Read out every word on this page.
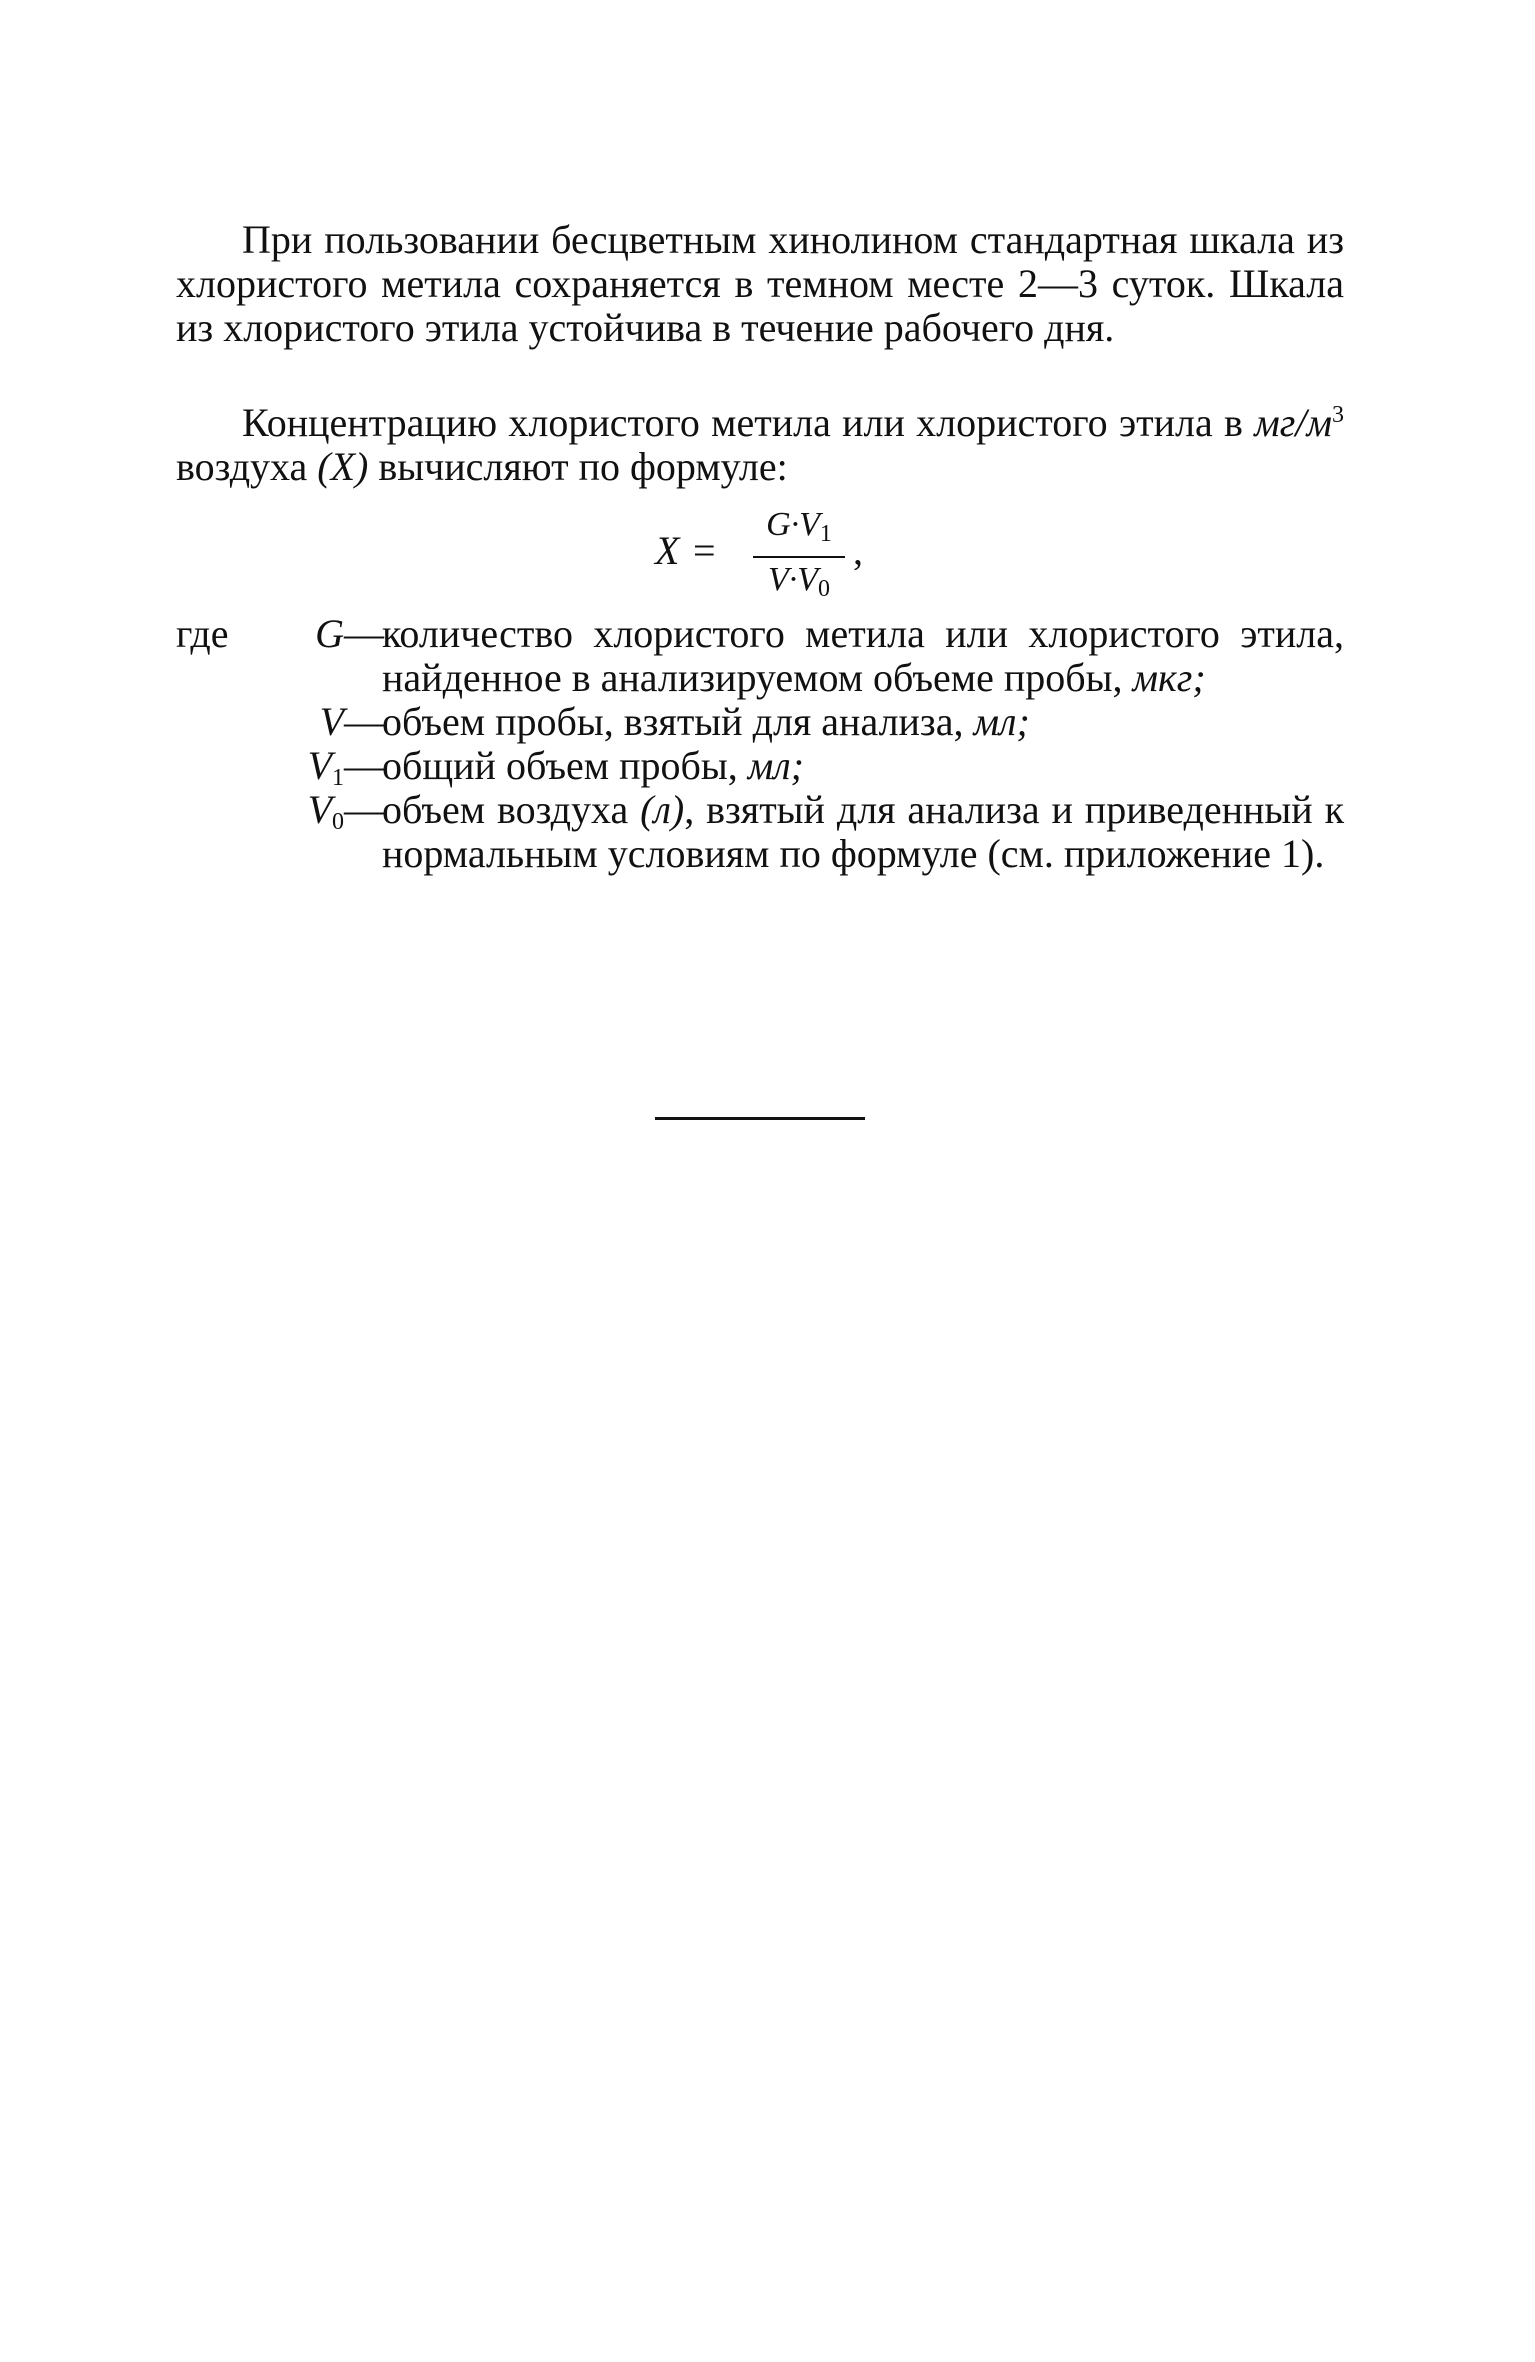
При пользовании бесцветным хинолином стандартная шкала из хлористого метила сохраняется в темном месте 2—3 суток. Шкала из хлористого этила устойчива в течение рабочего дня.

Концентрацию хлористого метила или хлористого этила в $мг/м^3$ воздуха (X) вычисляют по формуле:

X =
$G\cdot V_1$
$V\cdot V_0$
,
где G —
количество хлористого метила или хлористого этила, найденное в анализируемом объеме пробы, мкг;
V —
объем пробы, взятый для анализа, мл;
$V_1$ —
общий объем пробы, мл;
$V_0$ —
объем воздуха (л), взятый для анализа и приведенный к нормальным условиям по формуле (см. приложение 1).
